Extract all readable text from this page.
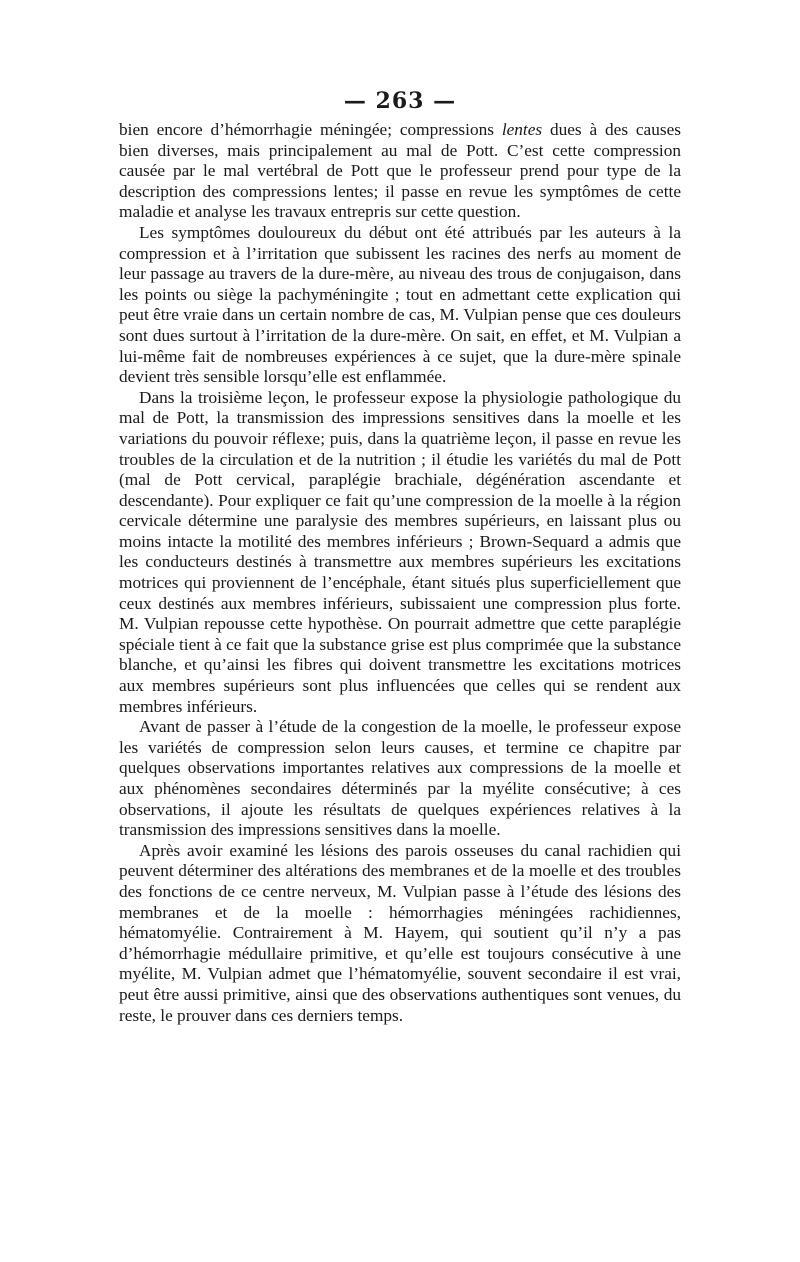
— 263 —

bien encore d’hémorrhagie méningée; compressions lentes dues à des causes bien diverses, mais principalement au mal de Pott. C’est cette compression causée par le mal vertébral de Pott que le professeur prend pour type de la description des compressions lentes; il passe en revue les symptômes de cette maladie et analyse les travaux entrepris sur cette question.

Les symptômes douloureux du début ont été attribués par les auteurs à la compression et à l’irritation que subissent les racines des nerfs au moment de leur passage au travers de la dure-mère, au niveau des trous de conjugaison, dans les points ou siège la pachyméningite ; tout en admettant cette explication qui peut être vraie dans un certain nombre de cas, M. Vulpian pense que ces douleurs sont dues surtout à l’irritation de la dure-mère. On sait, en effet, et M. Vulpian a lui-même fait de nombreuses expériences à ce sujet, que la dure-mère spinale devient très sensible lorsqu’elle est enflammée.

Dans la troisième leçon, le professeur expose la physiologie pathologique du mal de Pott, la transmission des impressions sensitives dans la moelle et les variations du pouvoir réflexe; puis, dans la quatrième leçon, il passe en revue les troubles de la circulation et de la nutrition ; il étudie les variétés du mal de Pott (mal de Pott cervical, paraplégie brachiale, dégénération ascendante et descendante). Pour expliquer ce fait qu’une compression de la moelle à la région cervicale détermine une paralysie des membres supérieurs, en laissant plus ou moins intacte la motilité des membres inférieurs ; Brown-Sequard a admis que les conducteurs destinés à transmettre aux membres supérieurs les excitations motrices qui proviennent de l’encéphale, étant situés plus superficiellement que ceux destinés aux membres inférieurs, subissaient une compression plus forte. M. Vulpian repousse cette hypothèse. On pourrait admettre que cette paraplégie spéciale tient à ce fait que la substance grise est plus comprimée que la substance blanche, et qu’ainsi les fibres qui doivent transmettre les excitations motrices aux membres supérieurs sont plus influencées que celles qui se rendent aux membres inférieurs.

Avant de passer à l’étude de la congestion de la moelle, le professeur expose les variétés de compression selon leurs causes, et termine ce chapitre par quelques observations importantes relatives aux compressions de la moelle et aux phénomènes secondaires déterminés par la myélite consécutive; à ces observations, il ajoute les résultats de quelques expériences relatives à la transmission des impressions sensitives dans la moelle.

Après avoir examiné les lésions des parois osseuses du canal rachidien qui peuvent déterminer des altérations des membranes et de la moelle et des troubles des fonctions de ce centre nerveux, M. Vulpian passe à l’étude des lésions des membranes et de la moelle : hémorrhagies méningées rachidiennes, hématomyélie. Contrairement à M. Hayem, qui soutient qu’il n’y a pas d’hémorrhagie médullaire primitive, et qu’elle est toujours consécutive à une myélite, M. Vulpian admet que l’hématomyélie, souvent secondaire il est vrai, peut être aussi primitive, ainsi que des observations authentiques sont venues, du reste, le prouver dans ces derniers temps.
